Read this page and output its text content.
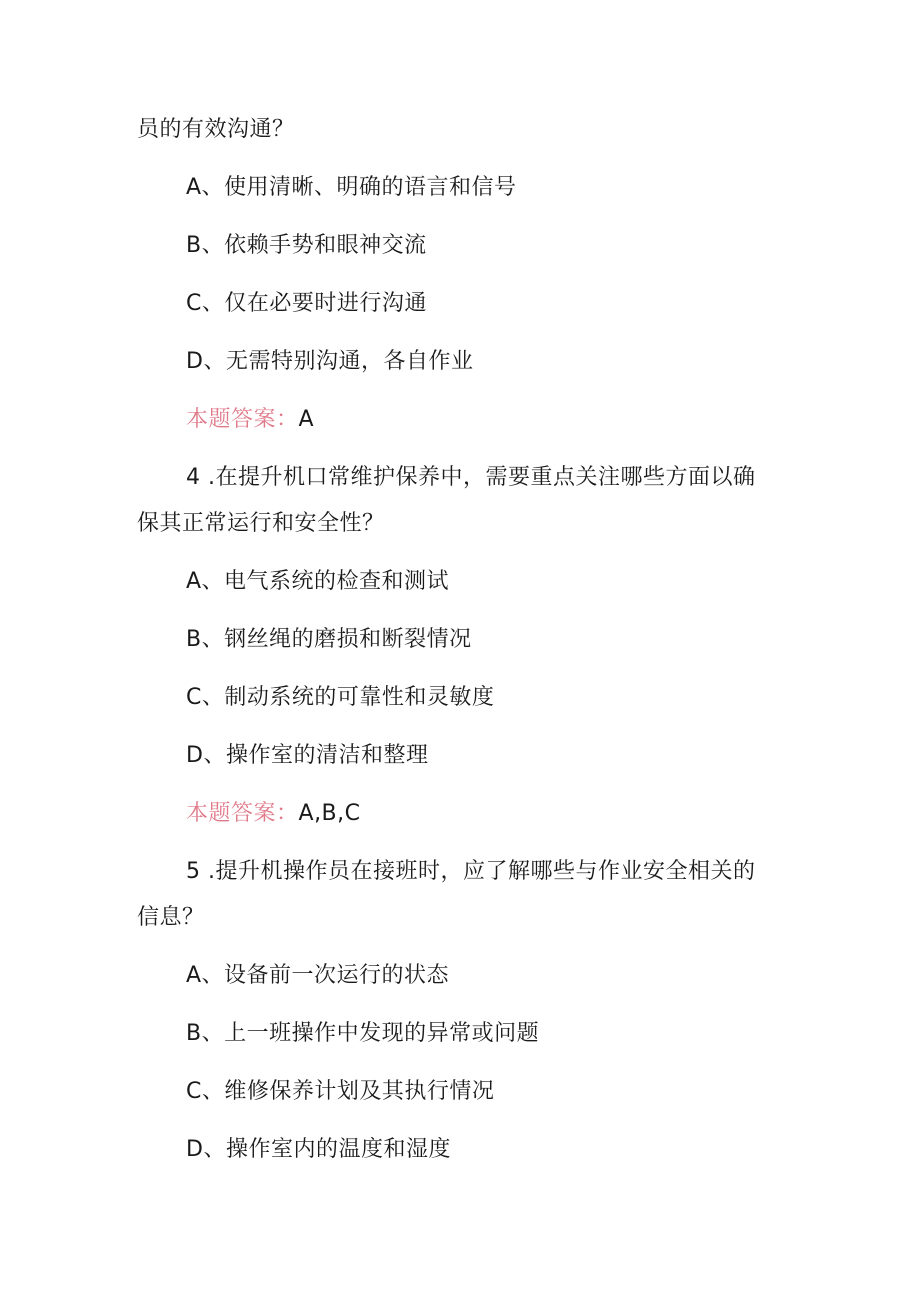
员的有效沟通？
A、使用清晰、明确的语言和信号
B、依赖手势和眼神交流
C、仅在必要时进行沟通
D、无需特别沟通，各自作业
本题答案：A
4 .在提升机口常维护保养中，需要重点关注哪些方面以确
保其正常运行和安全性？
A、电气系统的检查和测试
B、钢丝绳的磨损和断裂情况
C、制动系统的可靠性和灵敏度
D、操作室的清洁和整理
本题答案：A,B,C
5 .提升机操作员在接班时，应了解哪些与作业安全相关的
信息？
A、设备前一次运行的状态
B、上一班操作中发现的异常或问题
C、维修保养计划及其执行情况
D、操作室内的温度和湿度
